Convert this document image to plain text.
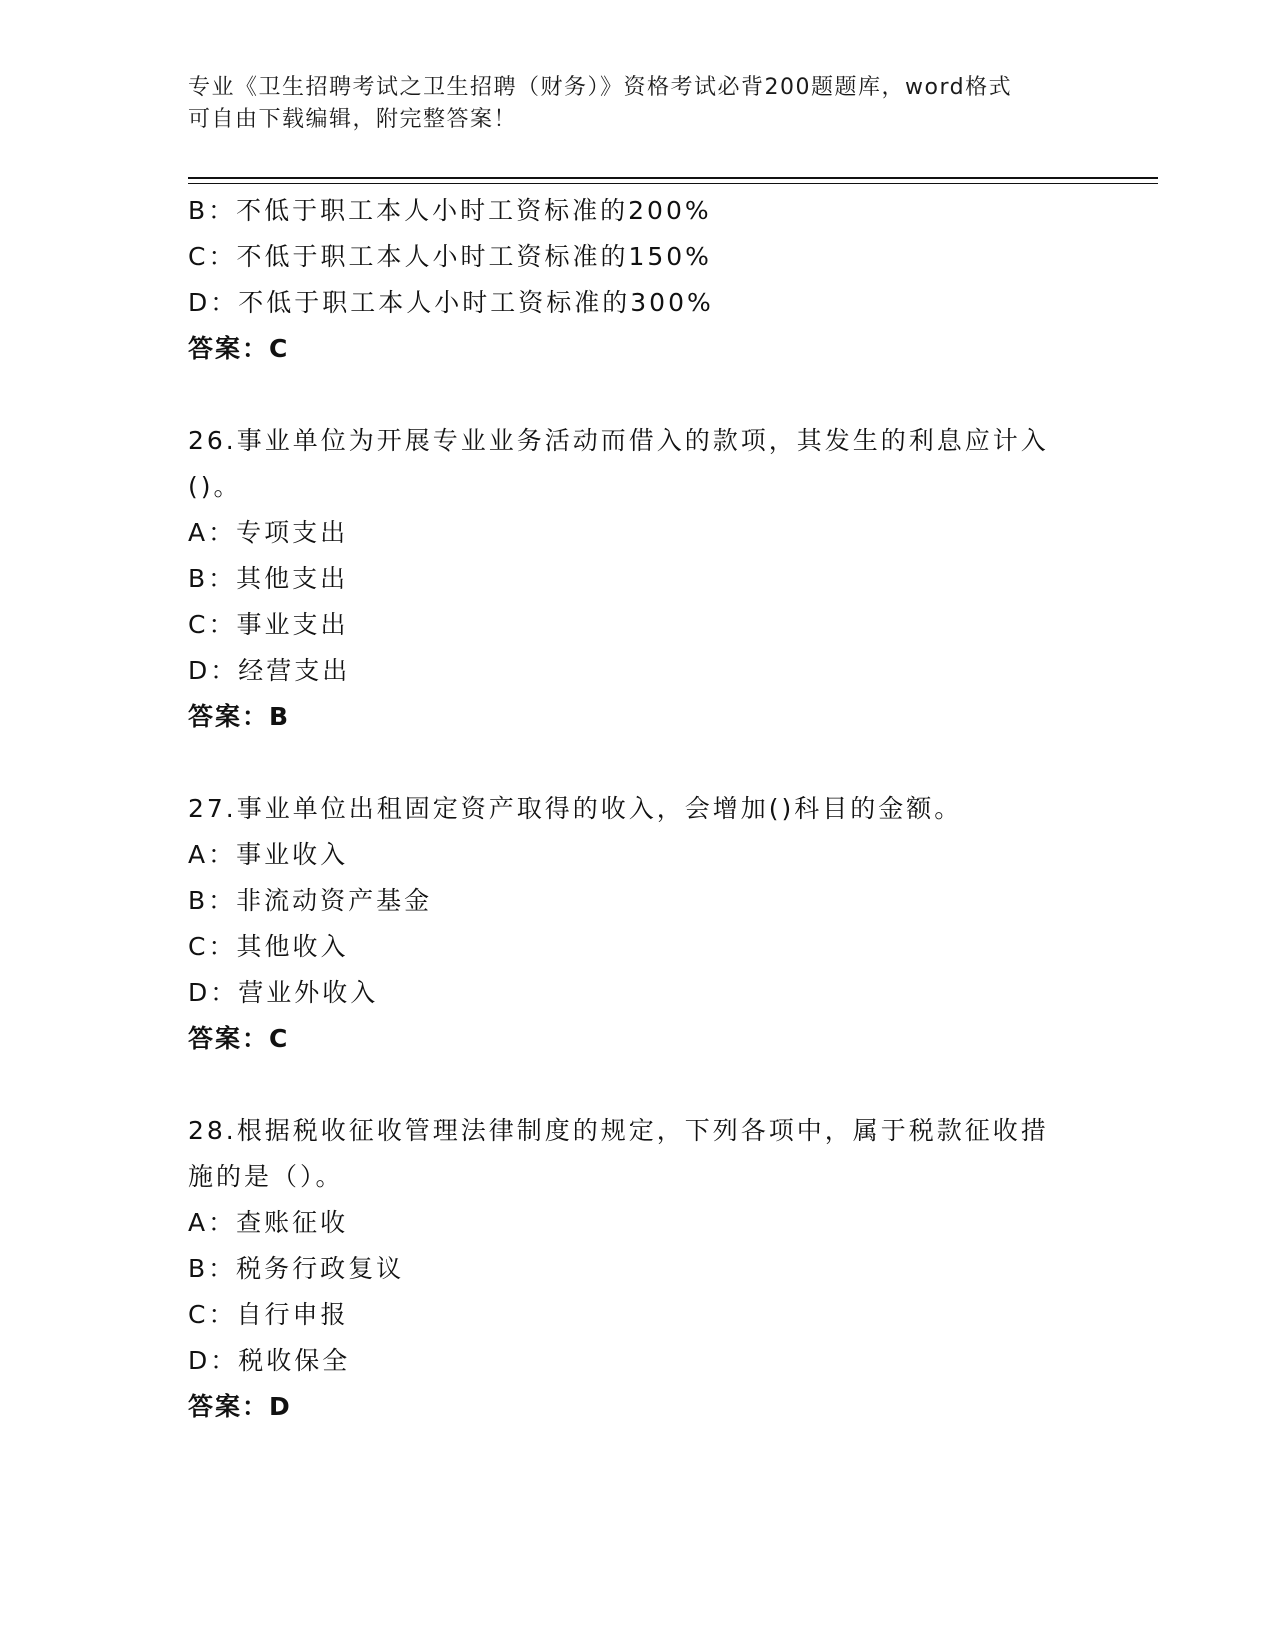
专业《卫生招聘考试之卫生招聘（财务）》资格考试必背200题题库，word格式
可自由下载编辑，附完整答案！
B：不低于职工本人小时工资标准的200%
C：不低于职工本人小时工资标准的150%
D：不低于职工本人小时工资标准的300%
答案：C
26.事业单位为开展专业业务活动而借入的款项，其发生的利息应计入
()。
A：专项支出
B：其他支出
C：事业支出
D：经营支出
答案：B
27.事业单位出租固定资产取得的收入，会增加()科目的金额。
A：事业收入
B：非流动资产基金
C：其他收入
D：营业外收入
答案：C
28.根据税收征收管理法律制度的规定，下列各项中，属于税款征收措
施的是（）。
A：查账征收
B：税务行政复议
C：自行申报
D：税收保全
答案：D
